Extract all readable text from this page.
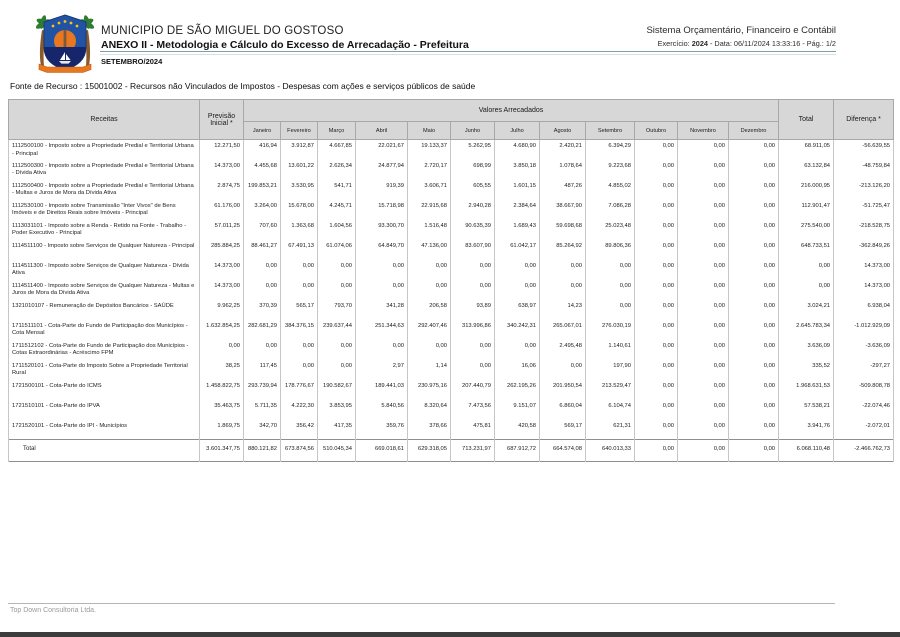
MUNICIPIO DE SÃO MIGUEL DO GOSTOSO
ANEXO II - Metodologia e Cálculo do Excesso de Arrecadação - Prefeitura
SETEMBRO/2024
Sistema Orçamentário, Financeiro e Contábil
Exercício: 2024 - Data: 06/11/2024 13:33:16 - Pág.: 1/2
Fonte de Recurso : 15001002 - Recursos não Vinculados de Impostos - Despesas com ações e serviços públicos de saúde
Receitas	Previsão Inicial *	Valores Arrecadados												Total	Diferença *
		Janeiro	Fevereiro	Março	Abril	Maio	Junho	Julho	Agosto	Setembro	Outubro	Novembro	Dezembro		
1112500100 - Imposto sobre a Propriedade Predial e Territorial Urbana - Principal	12.271,50	416,94	3.912,87	4.667,85	22.021,67	19.133,37	5.262,95	4.680,90	2.420,21	6.394,29	0,00	0,00	0,00	68.911,05	-56.639,55
1112500300 - Imposto sobre a Propriedade Predial e Territorial Urbana - Dívida Ativa	14.373,00	4.455,68	13.601,22	2.626,34	24.877,94	2.720,17	698,99	3.850,18	1.078,64	9.223,68	0,00	0,00	0,00	63.132,84	-48.759,84
1112500400 - Imposto sobre a Propriedade Predial e Territorial Urbana - Multas e Juros de Mora da Dívida Ativa	2.874,75	199.853,21	3.530,95	541,71	919,39	3.606,71	605,55	1.601,15	487,26	4.855,02	0,00	0,00	0,00	216.000,95	-213.126,20
1112530100 - Imposto sobre Transmissão "Inter Vivos" de Bens Imóveis e de Direitos Reais sobre Imóveis - Principal	61.176,00	3.264,00	15.678,00	4.245,71	15.718,98	22.915,68	2.940,28	2.384,64	38.667,90	7.086,28	0,00	0,00	0,00	112.901,47	-51.725,47
1113031101 - Imposto sobre a Renda - Retido na Fonte - Trabalho - Poder Executivo - Principal	57.011,25	707,60	1.363,68	1.604,56	93.300,70	1.516,48	90.635,39	1.689,43	59.698,68	25.023,48	0,00	0,00	0,00	275.540,00	-218.528,75
1114511100 - Imposto sobre Serviços de Qualquer Natureza - Principal	285.884,25	88.461,27	67.491,13	61.074,06	64.849,70	47.136,00	83.607,90	61.042,17	85.264,92	89.806,36	0,00	0,00	0,00	648.733,51	-362.849,26
1114511300 - Imposto sobre Serviços de Qualquer Natureza - Dívida Ativa	14.373,00	0,00	0,00	0,00	0,00	0,00	0,00	0,00	0,00	0,00	0,00	0,00	0,00	0,00	14.373,00
1114511400 - Imposto sobre Serviços de Qualquer Natureza - Multas e Juros de Mora da Dívida Ativa	14.373,00	0,00	0,00	0,00	0,00	0,00	0,00	0,00	0,00	0,00	0,00	0,00	0,00	0,00	14.373,00
1321010107 - Remuneração de Depósitos Bancários - SAÚDE	9.962,25	370,39	565,17	793,70	341,28	206,58	93,89	638,97	14,23	0,00	0,00	0,00	0,00	3.024,21	6.938,04
1711511101 - Cota-Parte do Fundo de Participação dos Municípios - Cota Mensal	1.632.854,25	282.681,29	384.376,15	239.637,44	251.344,63	292.407,46	313.996,86	340.242,31	265.067,01	276.030,19	0,00	0,00	0,00	2.645.783,34	-1.012.929,09
1711512102 - Cota-Parte do Fundo de Participação dos Municípios - Cotas Extraordinárias - Acréscimo FPM	0,00	0,00	0,00	0,00	0,00	0,00	0,00	0,00	2.495,48	1.140,61	0,00	0,00	0,00	3.636,09	-3.636,09
1711520101 - Cota-Parte do Imposto Sobre a Propriedade Territorial Rural	38,25	117,45	0,00	0,00	2,97	1,14	0,00	16,06	0,00	197,90	0,00	0,00	0,00	335,52	-297,27
1721500101 - Cota-Parte do ICMS	1.458.822,75	293.739,94	178.776,67	190.582,67	189.441,03	230.975,16	207.440,79	262.195,26	201.950,54	213.529,47	0,00	0,00	0,00	1.968.631,53	-509.808,78
1721510101 - Cota-Parte do IPVA	35.463,75	5.711,35	4.222,30	3.853,95	5.840,56	8.320,64	7.473,56	9.151,07	6.860,04	6.104,74	0,00	0,00	0,00	57.538,21	-22.074,46
1721520101 - Cota-Parte do IPI - Municípios	1.869,75	342,70	356,42	417,35	359,76	378,66	475,81	420,58	569,17	621,31	0,00	0,00	0,00	3.941,76	-2.072,01
Total	3.601.347,75	880.121,82	673.874,56	510.045,34	669.018,61	629.318,05	713.231,97	687.912,72	664.574,08	640.013,33	0,00	0,00	0,00	6.068.110,48	-2.466.762,73
Top Down Consultoria Ltda.
